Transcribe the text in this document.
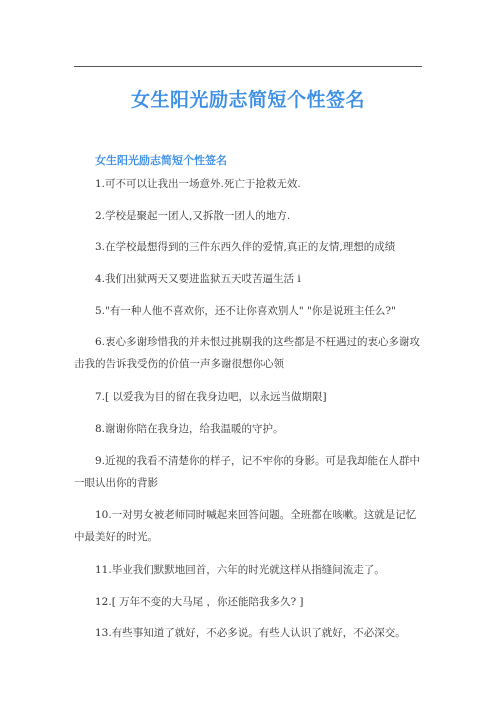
女生阳光励志简短个性签名
女生阳光励志简短个性签名
1.可不可以让我出一场意外.死亡于抢救无效.
2.学校是聚起一团人,又拆散一团人的地方.
3.在学校最想得到的三件东西久伴的爱情,真正的友情,理想的成绩
4.我们出狱两天又要进监狱五天哎苦逼生活 i
5."有一种人他不喜欢你，还不让你喜欢别人" "你是说班主任么?"
6.衷心多谢珍惜我的并未恨过挑剔我的这些都是不枉遇过的衷心多谢攻击我的告诉我受伤的价值一声多谢很想你心领
7.[ 以爱我为目的留在我身边吧，以永远当做期限]
8.谢谢你陪在我身边，给我温暖的守护。
9.近视的我看不清楚你的样子，记不牢你的身影。可是我却能在人群中一眼认出你的背影
10.一对男女被老师同时喊起来回答问题。全班都在咳嗽。这就是记忆中最美好的时光。
11.毕业我们默默地回首，六年的时光就这样从指缝间流走了。
12.[ 万年不变的大马尾 ，你还能陪我多久? ]
13.有些事知道了就好，不必多说。有些人认识了就好，不必深交。
